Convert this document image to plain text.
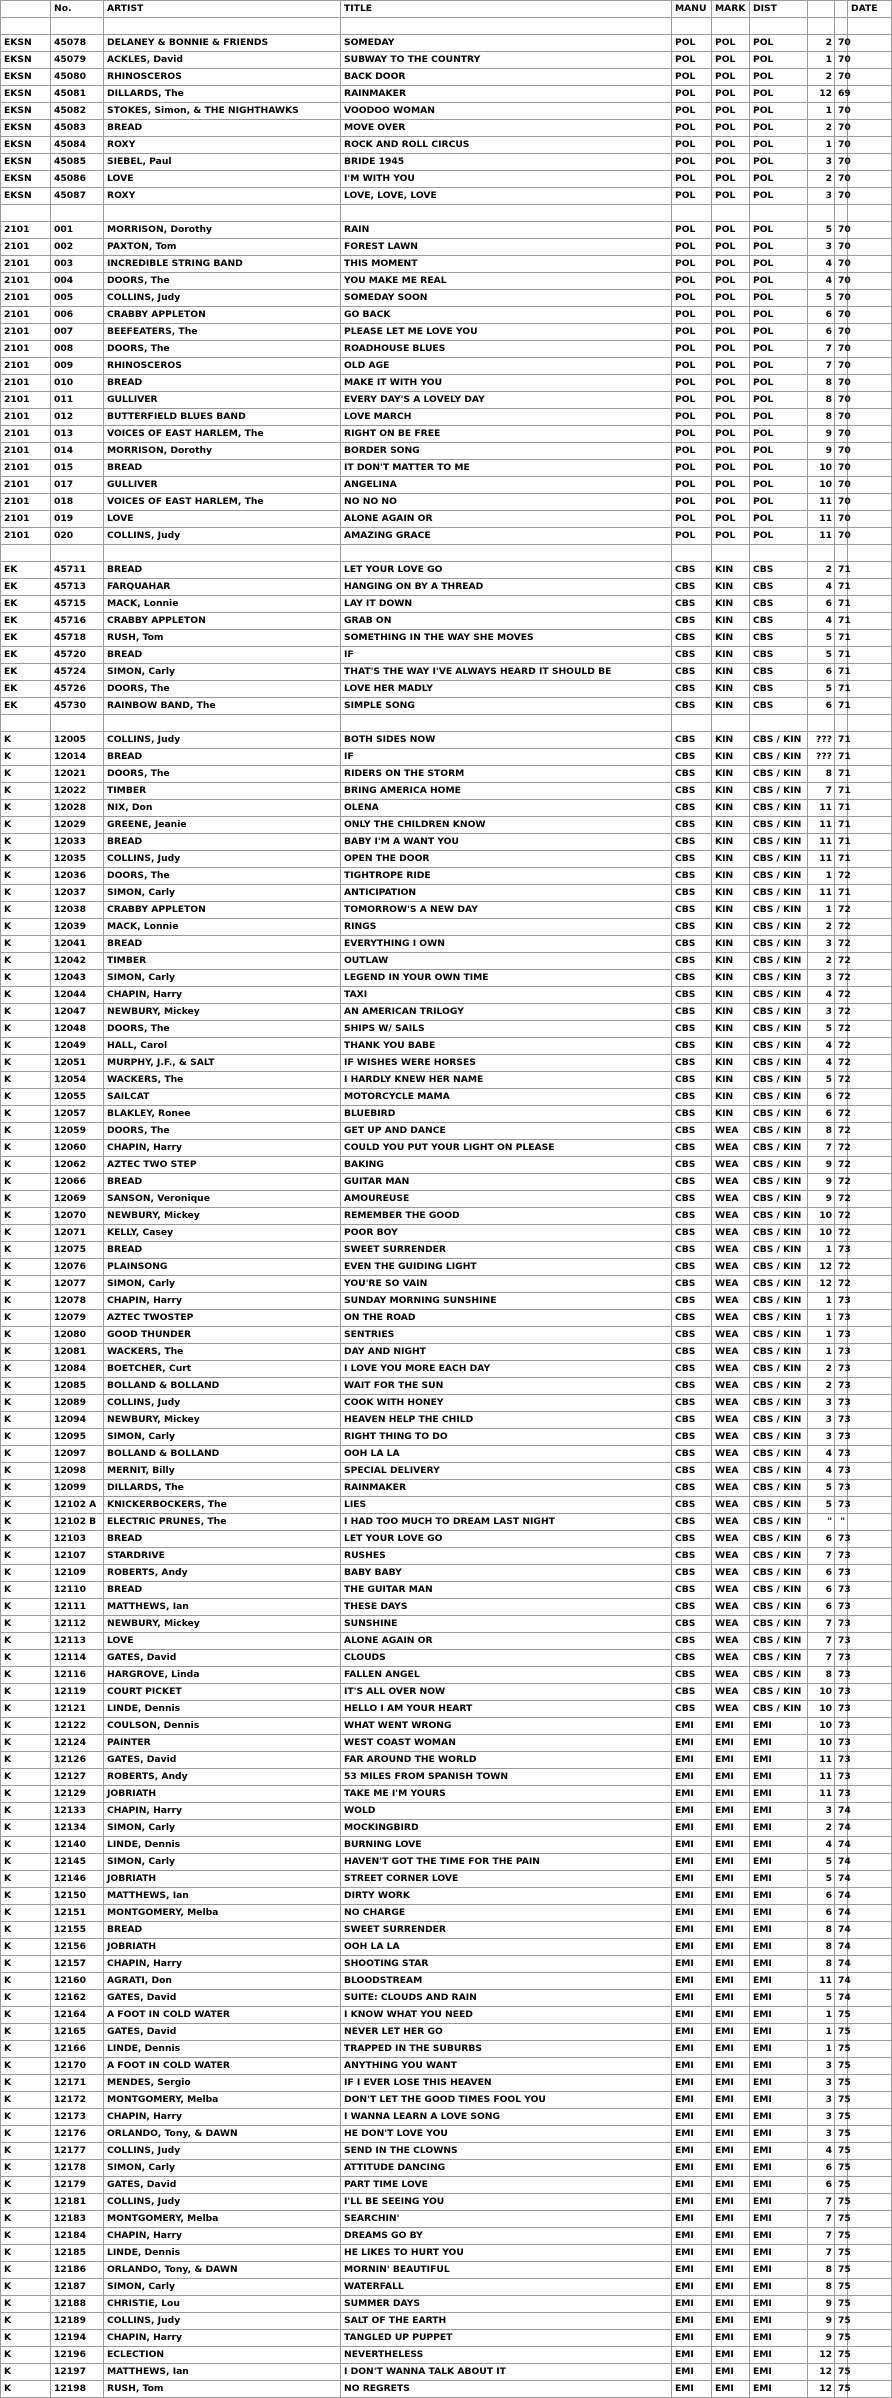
	No.	ARTIST	TITLE	MANU	MARK	DIST			DATE

EKSN	45078	DELANEY & BONNIE & FRIENDS	SOMEDAY	POL	POL	POL	2	70	
EKSN	45079	ACKLES, David	SUBWAY TO THE COUNTRY	POL	POL	POL	1	70	
EKSN	45080	RHINOSCEROS	BACK DOOR	POL	POL	POL	2	70	
EKSN	45081	DILLARDS, The	RAINMAKER	POL	POL	POL	12	69	
EKSN	45082	STOKES, Simon, & THE NIGHTHAWKS	VOODOO WOMAN	POL	POL	POL	1	70	
EKSN	45083	BREAD	MOVE OVER	POL	POL	POL	2	70	
EKSN	45084	ROXY	ROCK AND ROLL CIRCUS	POL	POL	POL	1	70	
EKSN	45085	SIEBEL, Paul	BRIDE 1945	POL	POL	POL	3	70	
EKSN	45086	LOVE	I'M WITH YOU	POL	POL	POL	2	70	
EKSN	45087	ROXY	LOVE, LOVE, LOVE	POL	POL	POL	3	70	

2101	001	MORRISON, Dorothy	RAIN	POL	POL	POL	5	70	
2101	002	PAXTON, Tom	FOREST LAWN	POL	POL	POL	3	70	
2101	003	INCREDIBLE STRING BAND	THIS MOMENT	POL	POL	POL	4	70	
2101	004	DOORS, The	YOU MAKE ME REAL	POL	POL	POL	4	70	
2101	005	COLLINS, Judy	SOMEDAY SOON	POL	POL	POL	5	70	
2101	006	CRABBY APPLETON	GO BACK	POL	POL	POL	6	70	
2101	007	BEEFEATERS, The	PLEASE LET ME LOVE YOU	POL	POL	POL	6	70	
2101	008	DOORS, The	ROADHOUSE BLUES	POL	POL	POL	7	70	
2101	009	RHINOSCEROS	OLD AGE	POL	POL	POL	7	70	
2101	010	BREAD	MAKE IT WITH YOU	POL	POL	POL	8	70	
2101	011	GULLIVER	EVERY DAY'S A LOVELY DAY	POL	POL	POL	8	70	
2101	012	BUTTERFIELD BLUES BAND	LOVE MARCH	POL	POL	POL	8	70	
2101	013	VOICES OF EAST HARLEM, The	RIGHT ON BE FREE	POL	POL	POL	9	70	
2101	014	MORRISON, Dorothy	BORDER SONG	POL	POL	POL	9	70	
2101	015	BREAD	IT DON'T MATTER TO ME	POL	POL	POL	10	70	
2101	017	GULLIVER	ANGELINA	POL	POL	POL	10	70	
2101	018	VOICES OF EAST HARLEM, The	NO NO NO	POL	POL	POL	11	70	
2101	019	LOVE	ALONE AGAIN OR	POL	POL	POL	11	70	
2101	020	COLLINS, Judy	AMAZING GRACE	POL	POL	POL	11	70	

EK	45711	BREAD	LET YOUR LOVE GO	CBS	KIN	CBS	2	71	
EK	45713	FARQUAHAR	HANGING ON BY A THREAD	CBS	KIN	CBS	4	71	
EK	45715	MACK, Lonnie	LAY IT DOWN	CBS	KIN	CBS	6	71	
EK	45716	CRABBY APPLETON	GRAB ON	CBS	KIN	CBS	4	71	
EK	45718	RUSH, Tom	SOMETHING IN THE WAY SHE MOVES	CBS	KIN	CBS	5	71	
EK	45720	BREAD	IF	CBS	KIN	CBS	5	71	
EK	45724	SIMON, Carly	THAT'S THE WAY I'VE ALWAYS HEARD IT SHOULD BE	CBS	KIN	CBS	6	71	
EK	45726	DOORS, The	LOVE HER MADLY	CBS	KIN	CBS	5	71	
EK	45730	RAINBOW BAND, The	SIMPLE SONG	CBS	KIN	CBS	6	71	

K	12005	COLLINS, Judy	BOTH SIDES NOW	CBS	KIN	CBS / KIN	???	71	
K	12014	BREAD	IF	CBS	KIN	CBS / KIN	???	71	
K	12021	DOORS, The	RIDERS ON THE STORM	CBS	KIN	CBS / KIN	8	71	
K	12022	TIMBER	BRING AMERICA HOME	CBS	KIN	CBS / KIN	7	71	
K	12028	NIX, Don	OLENA	CBS	KIN	CBS / KIN	11	71	
K	12029	GREENE, Jeanie	ONLY THE CHILDREN KNOW	CBS	KIN	CBS / KIN	11	71	
K	12033	BREAD	BABY I'M A WANT YOU	CBS	KIN	CBS / KIN	11	71	
K	12035	COLLINS, Judy	OPEN THE DOOR	CBS	KIN	CBS / KIN	11	71	
K	12036	DOORS, The	TIGHTROPE RIDE	CBS	KIN	CBS / KIN	1	72	
K	12037	SIMON, Carly	ANTICIPATION	CBS	KIN	CBS / KIN	11	71	
K	12038	CRABBY APPLETON	TOMORROW'S A NEW DAY	CBS	KIN	CBS / KIN	1	72	
K	12039	MACK, Lonnie	RINGS	CBS	KIN	CBS / KIN	2	72	
K	12041	BREAD	EVERYTHING I OWN	CBS	KIN	CBS / KIN	3	72	
K	12042	TIMBER	OUTLAW	CBS	KIN	CBS / KIN	2	72	
K	12043	SIMON, Carly	LEGEND IN YOUR OWN TIME	CBS	KIN	CBS / KIN	3	72	
K	12044	CHAPIN, Harry	TAXI	CBS	KIN	CBS / KIN	4	72	
K	12047	NEWBURY, Mickey	AN AMERICAN TRILOGY	CBS	KIN	CBS / KIN	3	72	
K	12048	DOORS, The	SHIPS W/ SAILS	CBS	KIN	CBS / KIN	5	72	
K	12049	HALL, Carol	THANK YOU BABE	CBS	KIN	CBS / KIN	4	72	
K	12051	MURPHY, J.F., & SALT	IF WISHES WERE HORSES	CBS	KIN	CBS / KIN	4	72	
K	12054	WACKERS, The	I HARDLY KNEW HER NAME	CBS	KIN	CBS / KIN	5	72	
K	12055	SAILCAT	MOTORCYCLE MAMA	CBS	KIN	CBS / KIN	6	72	
K	12057	BLAKLEY, Ronee	BLUEBIRD	CBS	KIN	CBS / KIN	6	72	
K	12059	DOORS, The	GET UP AND DANCE	CBS	WEA	CBS / KIN	8	72	
K	12060	CHAPIN, Harry	COULD YOU PUT YOUR LIGHT ON PLEASE	CBS	WEA	CBS / KIN	7	72	
K	12062	AZTEC TWO STEP	BAKING	CBS	WEA	CBS / KIN	9	72	
K	12066	BREAD	GUITAR MAN	CBS	WEA	CBS / KIN	9	72	
K	12069	SANSON, Veronique	AMOUREUSE	CBS	WEA	CBS / KIN	9	72	
K	12070	NEWBURY, Mickey	REMEMBER THE GOOD	CBS	WEA	CBS / KIN	10	72	
K	12071	KELLY, Casey	POOR BOY	CBS	WEA	CBS / KIN	10	72	
K	12075	BREAD	SWEET SURRENDER	CBS	WEA	CBS / KIN	1	73	
K	12076	PLAINSONG	EVEN THE GUIDING LIGHT	CBS	WEA	CBS / KIN	12	72	
K	12077	SIMON, Carly	YOU'RE SO VAIN	CBS	WEA	CBS / KIN	12	72	
K	12078	CHAPIN, Harry	SUNDAY MORNING SUNSHINE	CBS	WEA	CBS / KIN	1	73	
K	12079	AZTEC TWOSTEP	ON THE ROAD	CBS	WEA	CBS / KIN	1	73	
K	12080	GOOD THUNDER	SENTRIES	CBS	WEA	CBS / KIN	1	73	
K	12081	WACKERS, The	DAY AND NIGHT	CBS	WEA	CBS / KIN	1	73	
K	12084	BOETCHER, Curt	I LOVE YOU MORE EACH DAY	CBS	WEA	CBS / KIN	2	73	
K	12085	BOLLAND & BOLLAND	WAIT FOR THE SUN	CBS	WEA	CBS / KIN	2	73	
K	12089	COLLINS, Judy	COOK WITH HONEY	CBS	WEA	CBS / KIN	3	73	
K	12094	NEWBURY, Mickey	HEAVEN HELP THE CHILD	CBS	WEA	CBS / KIN	3	73	
K	12095	SIMON, Carly	RIGHT THING TO DO	CBS	WEA	CBS / KIN	3	73	
K	12097	BOLLAND & BOLLAND	OOH LA LA	CBS	WEA	CBS / KIN	4	73	
K	12098	MERNIT, Billy	SPECIAL DELIVERY	CBS	WEA	CBS / KIN	4	73	
K	12099	DILLARDS, The	RAINMAKER	CBS	WEA	CBS / KIN	5	73	
K	12102 A	KNICKERBOCKERS, The	LIES	CBS	WEA	CBS / KIN	5	73	
K	12102 B	ELECTRIC PRUNES, The	I HAD TOO MUCH TO DREAM LAST NIGHT	CBS	WEA	CBS / KIN	"	"	
K	12103	BREAD	LET YOUR LOVE GO	CBS	WEA	CBS / KIN	6	73	
K	12107	STARDRIVE	RUSHES	CBS	WEA	CBS / KIN	7	73	
K	12109	ROBERTS, Andy	BABY BABY	CBS	WEA	CBS / KIN	6	73	
K	12110	BREAD	THE GUITAR MAN	CBS	WEA	CBS / KIN	6	73	
K	12111	MATTHEWS, Ian	THESE DAYS	CBS	WEA	CBS / KIN	6	73	
K	12112	NEWBURY, Mickey	SUNSHINE	CBS	WEA	CBS / KIN	7	73	
K	12113	LOVE	ALONE AGAIN OR	CBS	WEA	CBS / KIN	7	73	
K	12114	GATES, David	CLOUDS	CBS	WEA	CBS / KIN	7	73	
K	12116	HARGROVE, Linda	FALLEN ANGEL	CBS	WEA	CBS / KIN	8	73	
K	12119	COURT PICKET	IT'S ALL OVER NOW	CBS	WEA	CBS / KIN	10	73	
K	12121	LINDE, Dennis	HELLO I AM YOUR HEART	CBS	WEA	CBS / KIN	10	73	
K	12122	COULSON, Dennis	WHAT WENT WRONG	EMI	EMI	EMI	10	73	
K	12124	PAINTER	WEST COAST WOMAN	EMI	EMI	EMI	10	73	
K	12126	GATES, David	FAR AROUND THE WORLD	EMI	EMI	EMI	11	73	
K	12127	ROBERTS, Andy	53 MILES FROM SPANISH TOWN	EMI	EMI	EMI	11	73	
K	12129	JOBRIATH	TAKE ME I'M YOURS	EMI	EMI	EMI	11	73	
K	12133	CHAPIN, Harry	WOLD	EMI	EMI	EMI	3	74	
K	12134	SIMON, Carly	MOCKINGBIRD	EMI	EMI	EMI	2	74	
K	12140	LINDE, Dennis	BURNING LOVE	EMI	EMI	EMI	4	74	
K	12145	SIMON, Carly	HAVEN'T GOT THE TIME FOR THE PAIN	EMI	EMI	EMI	5	74	
K	12146	JOBRIATH	STREET CORNER LOVE	EMI	EMI	EMI	5	74	
K	12150	MATTHEWS, Ian	DIRTY WORK	EMI	EMI	EMI	6	74	
K	12151	MONTGOMERY, Melba	NO CHARGE	EMI	EMI	EMI	6	74	
K	12155	BREAD	SWEET SURRENDER	EMI	EMI	EMI	8	74	
K	12156	JOBRIATH	OOH LA LA	EMI	EMI	EMI	8	74	
K	12157	CHAPIN, Harry	SHOOTING STAR	EMI	EMI	EMI	8	74	
K	12160	AGRATI, Don	BLOODSTREAM	EMI	EMI	EMI	11	74	
K	12162	GATES, David	SUITE: CLOUDS AND RAIN	EMI	EMI	EMI	5	74	
K	12164	A FOOT IN COLD WATER	I KNOW WHAT YOU NEED	EMI	EMI	EMI	1	75	
K	12165	GATES, David	NEVER LET HER GO	EMI	EMI	EMI	1	75	
K	12166	LINDE, Dennis	TRAPPED IN THE SUBURBS	EMI	EMI	EMI	1	75	
K	12170	A FOOT IN COLD WATER	ANYTHING YOU WANT	EMI	EMI	EMI	3	75	
K	12171	MENDES, Sergio	IF I EVER LOSE THIS HEAVEN	EMI	EMI	EMI	3	75	
K	12172	MONTGOMERY, Melba	DON'T LET THE GOOD TIMES FOOL YOU	EMI	EMI	EMI	3	75	
K	12173	CHAPIN, Harry	I WANNA LEARN A LOVE SONG	EMI	EMI	EMI	3	75	
K	12176	ORLANDO, Tony, & DAWN	HE DON'T LOVE YOU	EMI	EMI	EMI	3	75	
K	12177	COLLINS, Judy	SEND IN THE CLOWNS	EMI	EMI	EMI	4	75	
K	12178	SIMON, Carly	ATTITUDE DANCING	EMI	EMI	EMI	6	75	
K	12179	GATES, David	PART TIME LOVE	EMI	EMI	EMI	6	75	
K	12181	COLLINS, Judy	I'LL BE SEEING YOU	EMI	EMI	EMI	7	75	
K	12183	MONTGOMERY, Melba	SEARCHIN'	EMI	EMI	EMI	7	75	
K	12184	CHAPIN, Harry	DREAMS GO BY	EMI	EMI	EMI	7	75	
K	12185	LINDE, Dennis	HE LIKES TO HURT YOU	EMI	EMI	EMI	7	75	
K	12186	ORLANDO, Tony, & DAWN	MORNIN' BEAUTIFUL	EMI	EMI	EMI	8	75	
K	12187	SIMON, Carly	WATERFALL	EMI	EMI	EMI	8	75	
K	12188	CHRISTIE, Lou	SUMMER DAYS	EMI	EMI	EMI	9	75	
K	12189	COLLINS, Judy	SALT OF THE EARTH	EMI	EMI	EMI	9	75	
K	12194	CHAPIN, Harry	TANGLED UP PUPPET	EMI	EMI	EMI	9	75	
K	12196	ECLECTION	NEVERTHELESS	EMI	EMI	EMI	12	75	
K	12197	MATTHEWS, Ian	I DON'T WANNA TALK ABOUT IT	EMI	EMI	EMI	12	75	
K	12198	RUSH, Tom	NO REGRETS	EMI	EMI	EMI	12	75	
